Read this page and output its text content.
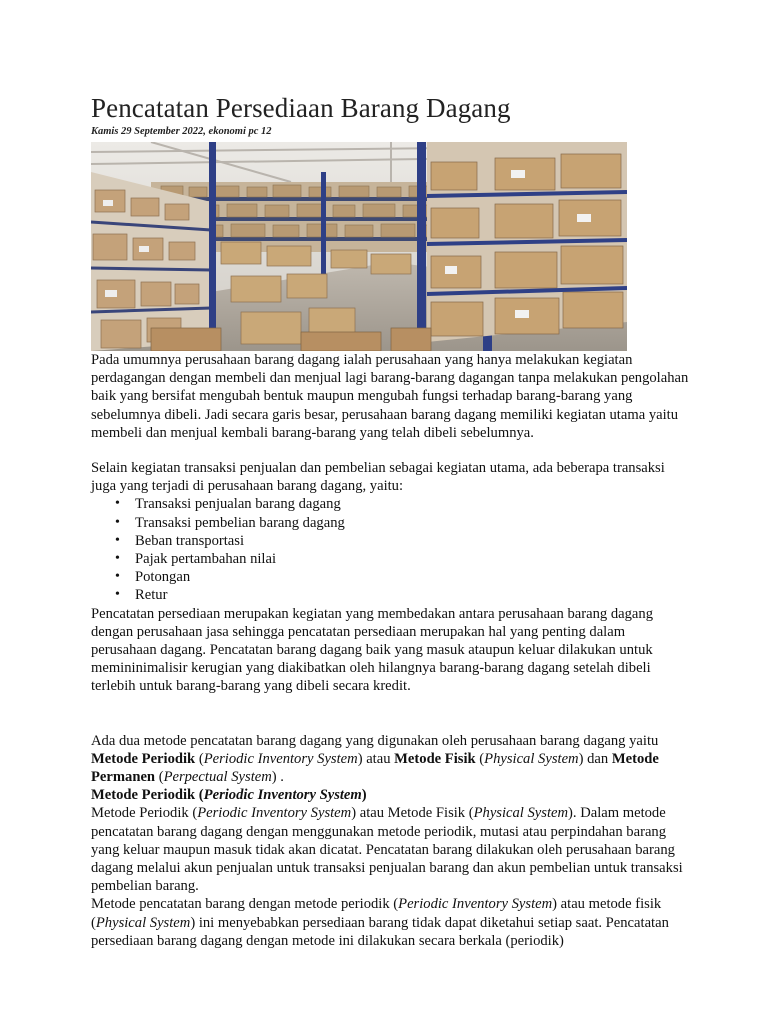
Pencatatan Persediaan Barang Dagang
Kamis 29 September 2022, ekonomi pc 12

Pada umumnya perusahaan barang dagang ialah perusahaan yang hanya melakukan kegiatan perdagangan dengan membeli dan menjual lagi barang-barang dagangan tanpa melakukan pengolahan baik yang bersifat mengubah bentuk maupun mengubah fungsi terhadap barang-barang yang sebelumnya dibeli. Jadi secara garis besar, perusahaan barang dagang memiliki kegiatan utama yaitu membeli dan menjual kembali barang-barang yang telah dibeli sebelumnya.

Selain kegiatan transaksi penjualan dan pembelian sebagai kegiatan utama, ada beberapa transaksi juga yang terjadi di perusahaan barang dagang, yaitu:

• Transaksi penjualan barang dagang
• Transaksi pembelian barang dagang
• Beban transportasi
• Pajak pertambahan nilai
• Potongan
• Retur

Pencatatan persediaan merupakan kegiatan yang membedakan antara perusahaan barang dagang dengan perusahaan jasa sehingga pencatatan persediaan merupakan hal yang penting dalam perusahaan dagang. Pencatatan barang dagang baik yang masuk ataupun keluar dilakukan untuk memininimalisir kerugian yang diakibatkan oleh hilangnya barang-barang dagang setelah dibeli terlebih untuk barang-barang yang dibeli secara kredit.

Ada dua metode pencatatan barang dagang yang digunakan oleh perusahaan barang dagang yaitu Metode Periodik (Periodic Inventory System) atau Metode Fisik (Physical System) dan Metode Permanen (Perpectual System) .

Metode Periodik (Periodic Inventory System)

Metode Periodik (Periodic Inventory System) atau Metode Fisik (Physical System). Dalam metode pencatatan barang dagang dengan menggunakan metode periodik, mutasi atau perpindahan barang yang keluar maupun masuk tidak akan dicatat. Pencatatan barang dilakukan oleh perusahaan barang dagang melalui akun penjualan untuk transaksi penjualan barang dan akun pembelian untuk transaksi pembelian barang.

Metode pencatatan barang dengan metode periodik (Periodic Inventory System) atau metode fisik (Physical System) ini menyebabkan persediaan barang tidak dapat diketahui setiap saat. Pencatatan persediaan barang dagang dengan metode ini dilakukan secara berkala (periodik)
